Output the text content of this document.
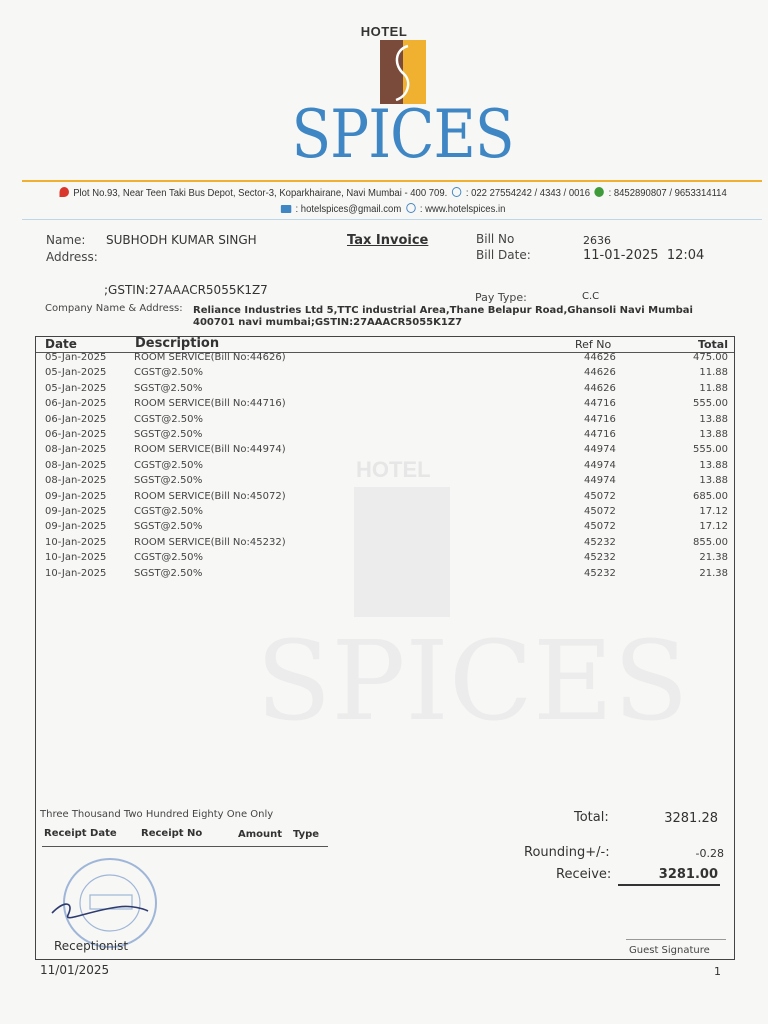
HOTEL
SPICES
Plot No.93, Near Teen Taki Bus Depot, Sector-3, Koparkhairane, Navi Mumbai - 400 709. : 022 27554242 / 4343 / 0016 : 8452890807 / 9653314114
: hotelspices@gmail.com : www.hotelspices.in
Name: SUBHODH KUMAR SINGH
Address:
Tax Invoice	Bill No	2636
Bill Date:	11-01-2025  12:04
;GSTIN:27AAACR5055K1Z7
Pay Type:	C.C
Company Name & Address: Reliance Industries Ltd 5,TTC industrial Area,Thane Belapur Road,Ghansoli Navi Mumbai
400701 navi mumbai;GSTIN:27AAACR5055K1Z7
Date	Description	Ref No	Total
05-Jan-2025	ROOM SERVICE(Bill No:44626)	44626	475.00
05-Jan-2025	CGST@2.50%	44626	11.88
05-Jan-2025	SGST@2.50%	44626	11.88
06-Jan-2025	ROOM SERVICE(Bill No:44716)	44716	555.00
06-Jan-2025	CGST@2.50%	44716	13.88
06-Jan-2025	SGST@2.50%	44716	13.88
08-Jan-2025	ROOM SERVICE(Bill No:44974)	44974	555.00
08-Jan-2025	CGST@2.50%	44974	13.88
08-Jan-2025	SGST@2.50%	44974	13.88
09-Jan-2025	ROOM SERVICE(Bill No:45072)	45072	685.00
09-Jan-2025	CGST@2.50%	45072	17.12
09-Jan-2025	SGST@2.50%	45072	17.12
10-Jan-2025	ROOM SERVICE(Bill No:45232)	45232	855.00
10-Jan-2025	CGST@2.50%	45232	21.38
10-Jan-2025	SGST@2.50%	45232	21.38
HOTEL
SPICES
Three Thousand Two Hundred Eighty One Only
Receipt Date Receipt No	Amount Type
Total:	3281.28
Rounding+/-:	-0.28
Receive:	3281.00
Receptionist	Guest Signature
11/01/2025	1
